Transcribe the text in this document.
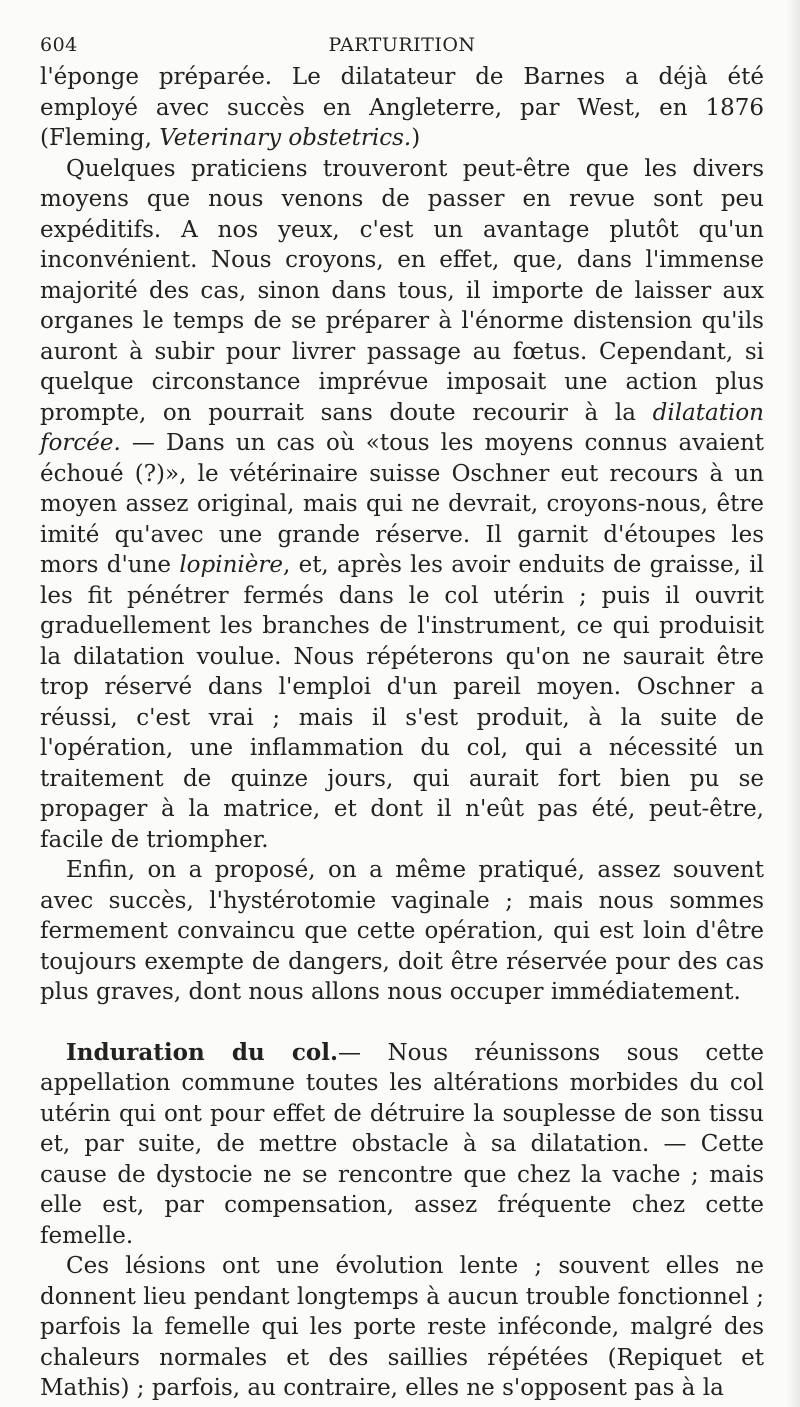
604	PARTURITION

l'éponge préparée. Le dilatateur de Barnes a déjà été employé avec succès en Angleterre, par West, en 1876 (Fleming, Veterinary obstetrics.)

Quelques praticiens trouveront peut-être que les divers moyens que nous venons de passer en revue sont peu expéditifs. A nos yeux, c'est un avantage plutôt qu'un inconvénient. Nous croyons, en effet, que, dans l'immense majorité des cas, sinon dans tous, il importe de laisser aux organes le temps de se préparer à l'énorme distension qu'ils auront à subir pour livrer passage au fœtus. Cependant, si quelque circonstance imprévue imposait une action plus prompte, on pourrait sans doute recourir à la dilatation forcée. — Dans un cas où «tous les moyens connus avaient échoué (?)», le vétérinaire suisse Oschner eut recours à un moyen assez original, mais qui ne devrait, croyons-nous, être imité qu'avec une grande réserve. Il garnit d'étoupes les mors d'une lopinière, et, après les avoir enduits de graisse, il les fit pénétrer fermés dans le col utérin ; puis il ouvrit graduellement les branches de l'instrument, ce qui produisit la dilatation voulue. Nous répéterons qu'on ne saurait être trop réservé dans l'emploi d'un pareil moyen. Oschner a réussi, c'est vrai ; mais il s'est produit, à la suite de l'opération, une inflammation du col, qui a nécessité un traitement de quinze jours, qui aurait fort bien pu se propager à la matrice, et dont il n'eût pas été, peut-être, facile de triompher.

Enfin, on a proposé, on a même pratiqué, assez souvent avec succès, l'hystérotomie vaginale ; mais nous sommes fermement convaincu que cette opération, qui est loin d'être toujours exempte de dangers, doit être réservée pour des cas plus graves, dont nous allons nous occuper immédiatement.

Induration du col.— Nous réunissons sous cette appellation commune toutes les altérations morbides du col utérin qui ont pour effet de détruire la souplesse de son tissu et, par suite, de mettre obstacle à sa dilatation. — Cette cause de dystocie ne se rencontre que chez la vache ; mais elle est, par compensation, assez fréquente chez cette femelle.

Ces lésions ont une évolution lente ; souvent elles ne donnent lieu pendant longtemps à aucun trouble fonctionnel ; parfois la femelle qui les porte reste inféconde, malgré des chaleurs normales et des saillies répétées (Repiquet et Mathis) ; parfois, au contraire, elles ne s'opposent pas à la
